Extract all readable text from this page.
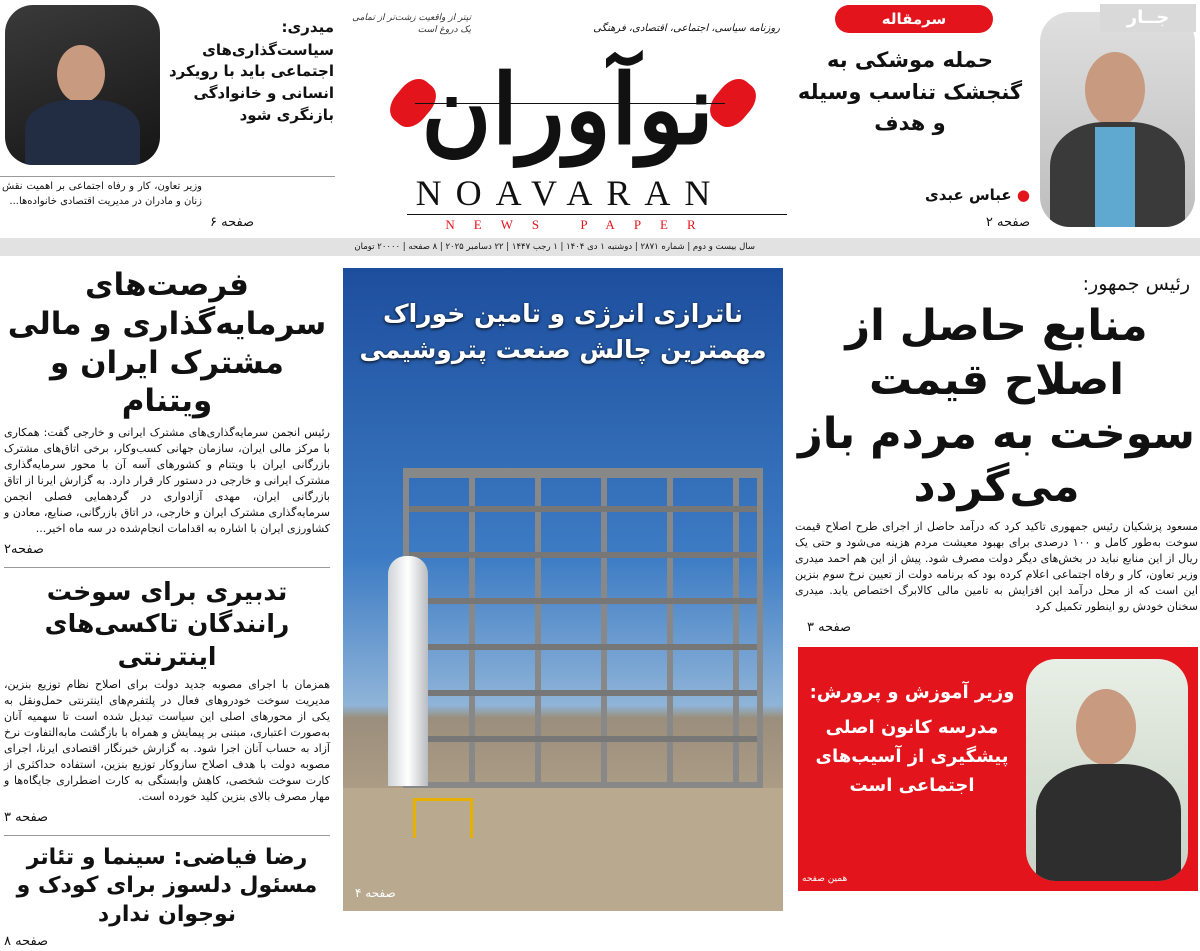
میدری:
سیاست‌گذاری‌های اجتماعی باید با رویکرد انسانی و خانوادگی بازنگری شود
وزیر تعاون، کار و رفاه اجتماعی بر اهمیت نقش زنان و مادران در مدیریت اقتصادی خانواده‌ها...
صفحه ۶
روزنامه سیاسی، اجتماعی، اقتصادی، فرهنگی
تیتر از واقعیت زشت‌تر از تمامی یک دروغ است
نوآوران
NOAVARAN
NEWS PAPER
سرمقاله
حمله موشکی به گنجشک تناسب وسیله و هدف
● عباس عبدی
صفحه ۲
جــار
سال بیست و دوم | شماره ۲۸۷۱ | دوشنبه ۱ دی ۱۴۰۴ | ۱ رجب ۱۴۴۷ | ۲۲ دسامبر ۲۰۲۵ | ۸ صفحه | ۲۰۰۰۰ تومان
فرصت‌های سرمایه‌گذاری و مالی مشترک ایران و ویتنام
رئیس انجمن سرمایه‌گذاری‌های مشترک ایرانی و خارجی گفت: همکاری با مرکز مالی ایران، سازمان جهانی کسب‌وکار، برخی اتاق‌های مشترک بازرگانی ایران با ویتنام و کشورهای آسه آن با محور سرمایه‌گذاری مشترک ایرانی و خارجی در دستور کار قرار دارد. به گزارش ایرنا از اتاق بازرگانی ایران، مهدی آزادواری در گردهمایی فصلی انجمن سرمایه‌گذاری مشترک ایران و خارجی، در اتاق بازرگانی، صنایع، معادن و کشاورزی ایران با اشاره به اقدامات انجام‌شده در سه ماه اخیر...
صفحه۲
تدبیری برای سوخت رانندگان تاکسی‌های اینترنتی
همزمان با اجرای مصوبه جدید دولت برای اصلاح نظام توزیع بنزین، مدیریت سوخت خودروهای فعال در پلتفرم‌های اینترنتی حمل‌ونقل به یکی از محورهای اصلی این سیاست تبدیل شده است تا سهمیه آنان به‌صورت اعتباری، مبتنی بر پیمایش و همراه با بازگشت مابه‌التفاوت نرخ آزاد به حساب آنان اجرا شود. به گزارش خبرنگار اقتصادی ایرنا، اجرای مصوبه دولت با هدف اصلاح سازوکار توزیع بنزین، استفاده حداکثری از کارت سوخت شخصی، کاهش وابستگی به کارت اضطراری جایگاه‌ها و مهار مصرف بالای بنزین کلید خورده است.
صفحه ۳
رضا فیاضی: سینما و تئاتر مسئول دلسوز برای کودک و نوجوان ندارد
صفحه ۸
ناترازی انرژی و تامین خوراک مهمترین چالش صنعت پتروشیمی
صفحه ۴
رئیس جمهور:
منابع حاصل از اصلاح قیمت سوخت به مردم باز می‌گردد
مسعود پزشکیان رئیس جمهوری تاکید کرد که درآمد حاصل از اجرای طرح اصلاح قیمت سوخت به‌طور کامل و ۱۰۰ درصدی برای بهبود معیشت مردم هزینه می‌شود و حتی یک ریال از این منابع نباید در بخش‌های دیگر دولت مصرف شود. پیش از این هم احمد میدری وزیر تعاون، کار و رفاه اجتماعی اعلام کرده بود که برنامه دولت از تعیین نرخ سوم بنزین این است که از محل درآمد این افزایش به تامین مالی کالابرگ اختصاص یابد. میدری سخنان خودش رو اینطور تکمیل کرد
صفحه ۳
وزیر آموزش و پرورش:
مدرسه کانون اصلی پیشگیری از آسیب‌های اجتماعی است
همین صفحه
